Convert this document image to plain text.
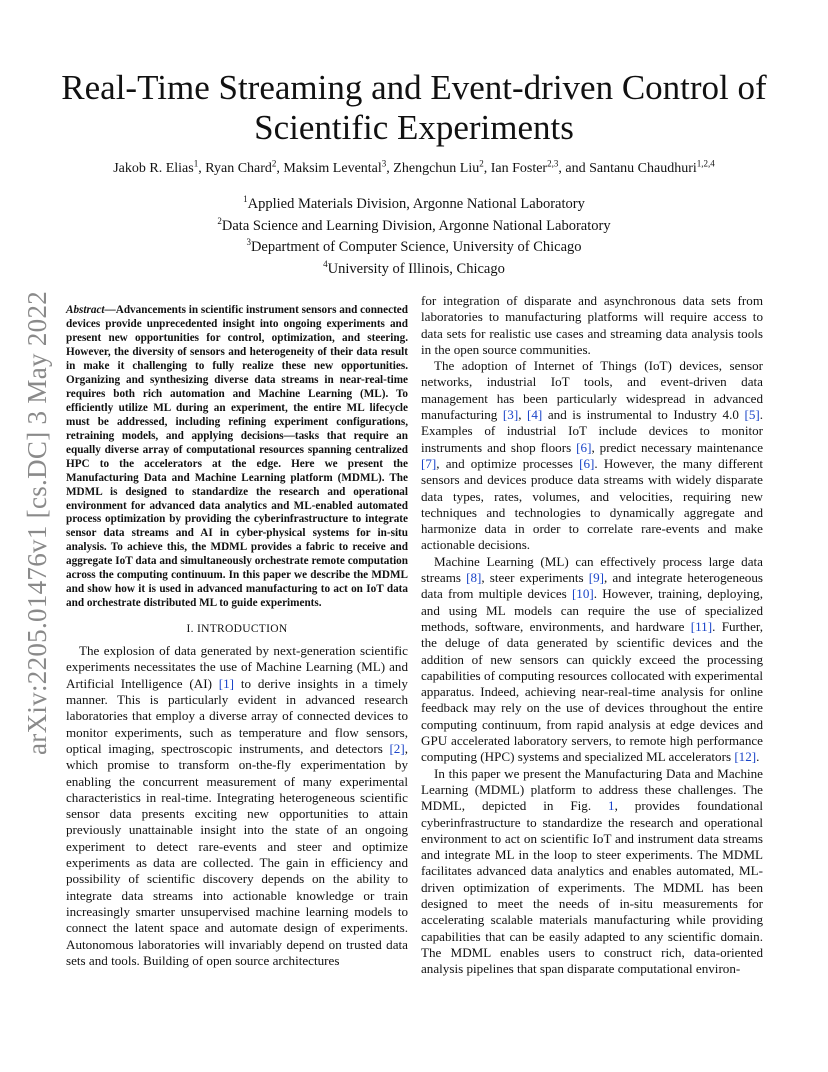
arXiv:2205.01476v1 [cs.DC] 3 May 2022
Real-Time Streaming and Event-driven Control of Scientific Experiments
Jakob R. Elias$^1$, Ryan Chard$^2$, Maksim Levental$^3$, Zhengchun Liu$^2$, Ian Foster$^{2,3}$, and Santanu Chaudhuri$^{1,2,4}$
$^1$Applied Materials Division, Argonne National Laboratory
$^2$Data Science and Learning Division, Argonne National Laboratory
$^3$Department of Computer Science, University of Chicago
$^4$University of Illinois, Chicago

Abstract—Advancements in scientific instrument sensors and connected devices provide unprecedented insight into ongoing experiments and present new opportunities for control, optimization, and steering. However, the diversity of sensors and heterogeneity of their data result in make it challenging to fully realize these new opportunities. Organizing and synthesizing diverse data streams in near-real-time requires both rich automation and Machine Learning (ML). To efficiently utilize ML during an experiment, the entire ML lifecycle must be addressed, including refining experiment configurations, retraining models, and applying decisions—tasks that require an equally diverse array of computational resources spanning centralized HPC to the accelerators at the edge. Here we present the Manufacturing Data and Machine Learning platform (MDML). The MDML is designed to standardize the research and operational environment for advanced data analytics and ML-enabled automated process optimization by providing the cyberinfrastructure to integrate sensor data streams and AI in cyber-physical systems for in-situ analysis. To achieve this, the MDML provides a fabric to receive and aggregate IoT data and simultaneously orchestrate remote computation across the computing continuum. In this paper we describe the MDML and show how it is used in advanced manufacturing to act on IoT data and orchestrate distributed ML to guide experiments.

I. INTRODUCTION

The explosion of data generated by next-generation scientific experiments necessitates the use of Machine Learning (ML) and Artificial Intelligence (AI) [1] to derive insights in a timely manner. This is particularly evident in advanced research laboratories that employ a diverse array of connected devices to monitor experiments, such as temperature and flow sensors, optical imaging, spectroscopic instruments, and detectors [2], which promise to transform on-the-fly experimentation by enabling the concurrent measurement of many experimental characteristics in real-time. Integrating heterogeneous scientific sensor data presents exciting new opportunities to attain previously unattainable insight into the state of an ongoing experiment to detect rare-events and steer and optimize experiments as data are collected. The gain in efficiency and possibility of scientific discovery depends on the ability to integrate data streams into actionable knowledge or train increasingly smarter unsupervised machine learning models to connect the latent space and automate design of experiments. Autonomous laboratories will invariably depend on trusted data sets and tools. Building of open source architectures

for integration of disparate and asynchronous data sets from laboratories to manufacturing platforms will require access to data sets for realistic use cases and streaming data analysis tools in the open source communities.

The adoption of Internet of Things (IoT) devices, sensor networks, industrial IoT tools, and event-driven data management has been particularly widespread in advanced manufacturing [3], [4] and is instrumental to Industry 4.0 [5]. Examples of industrial IoT include devices to monitor instruments and shop floors [6], predict necessary maintenance [7], and optimize processes [6]. However, the many different sensors and devices produce data streams with widely disparate data types, rates, volumes, and velocities, requiring new techniques and technologies to dynamically aggregate and harmonize data in order to correlate rare-events and make actionable decisions.

Machine Learning (ML) can effectively process large data streams [8], steer experiments [9], and integrate heterogeneous data from multiple devices [10]. However, training, deploying, and using ML models can require the use of specialized methods, software, environments, and hardware [11]. Further, the deluge of data generated by scientific devices and the addition of new sensors can quickly exceed the processing capabilities of computing resources collocated with experimental apparatus. Indeed, achieving near-real-time analysis for online feedback may rely on the use of devices throughout the entire computing continuum, from rapid analysis at edge devices and GPU accelerated laboratory servers, to remote high performance computing (HPC) systems and specialized ML accelerators [12].

In this paper we present the Manufacturing Data and Machine Learning (MDML) platform to address these challenges. The MDML, depicted in Fig. 1, provides foundational cyberinfrastructure to standardize the research and operational environment to act on scientific IoT and instrument data streams and integrate ML in the loop to steer experiments. The MDML facilitates advanced data analytics and enables automated, ML-driven optimization of experiments. The MDML has been designed to meet the needs of in-situ measurements for accelerating scalable materials manufacturing while providing capabilities that can be easily adapted to any scientific domain. The MDML enables users to construct rich, data-oriented analysis pipelines that span disparate computational environ-
